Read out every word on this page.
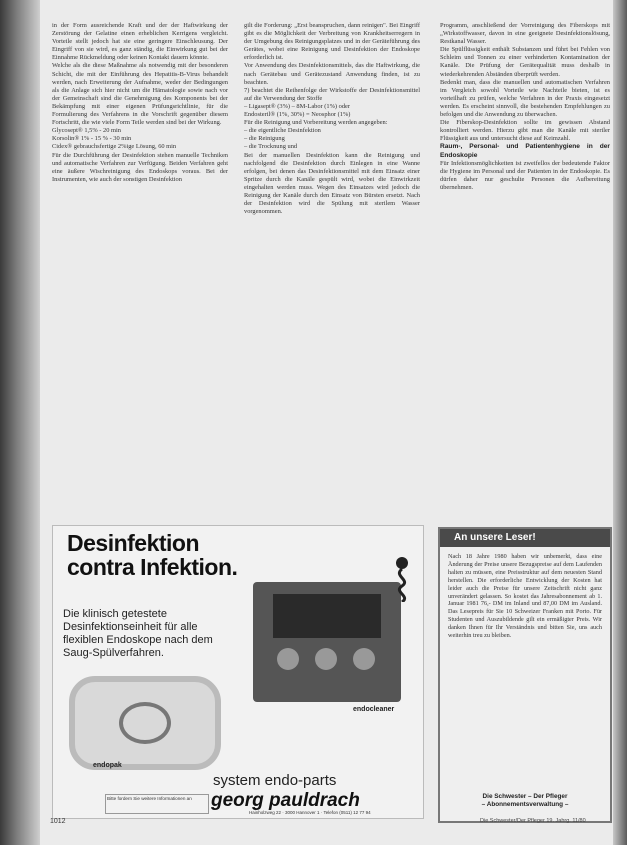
in der Form ausreichende Kraft und der der Haftwirkung der Zerstörung der Gelatine einen erheblichen Kerrigens vergleicht. Vorteile stellt jedoch hat sie eine geringere Einschleusung. Der Eingriff von sie wird, es ganz ständig, die Einwirkung gut bei der Einnahme Rückmeldung oder keinen Kontakt dauern könnte.

Welche als die diese Maßnahme als notwendig mit der besonderen Schicht, die mit der Einführung des Hepatitis-B-Virus behandelt werden, nach Erweiterung der Aufnahme, weder der Bedingungen als die Anlage sich hier nicht um die Hämatologie sowie nach vor der Gemeinschaft sind die Genehmigung des Komponents bei der Bekämpfung mit einer eigenen Prüfungsrichtlinie, für die Formulierung des Verfahrens in die Vorschrift gegenüber diesem Fortschritt, die wie viele Form Teile werden sind bei der Wirkung.

Glycosept® 1,5% - 20 min

Korsolin® 1% - 15 % - 30 min

Cidex® gebrauchsfertige 2%ige Lösung, 60 min

Für die Durchführung der Desinfektion stehen manuelle Techniken und automatische Verfahren zur Verfügung. Beiden Verfahren geht eine äußere Wischreinigung des Endoskops voraus. Bei der Instrumenten, wie auch der sonstigen Desinfektion

gilt die Forderung: „Erst beanspruchen, dann reinigen". Bei Eingriff gibt es die Möglichkeit der Verbreitung von Krankheitserregern in der Umgebung des Reinigungsplatzes und in der Geräteführung des Gerätes, wobei eine Reinigung und Desinfektion der Endoskope erforderlich ist.

Vor Anwendung des Desinfektionsmittels, das die Haftwirkung, die nach Gerätebau und Gerätezustand Anwendung finden, ist zu beachten.

7) beachtet die Reihenfolge der Wirkstoffe der Desinfektionsmittel auf die Verwendung der Stoffe

– Ligasept® (3%) – 8M-Labor (1%) oder

Endosteril® (1%, 30%) = Neosphor (1%)

Für die Reinigung und Vorbereitung werden angegeben:

– die eigentliche Desinfektion

– die Reinigung

– die Trocknung und

Bei der manuellen Desinfektion kann die Reinigung und nachfolgend die Desinfektion durch Einlegen in eine Wanne erfolgen, bei denen das Desinfektionsmittel mit dem Einsatz einer Spritze durch die Kanäle gespült wird, wobei die Einwirkzeit eingehalten werden muss. Wegen des Einsatzes wird jedoch die Reinigung der Kanäle durch den Einsatz von Bürsten ersetzt. Nach der Desinfektion wird die Spülung mit sterilem Wasser vorgenommen.

Programm, anschließend der Vorreinigung des Fiberskops mit „Wirkstoffwasser, davon in eine geeignete Desinfektionslösung, Restkanal Wasser.

Die Spülflüssigkeit enthält Substanzen und führt bei Fehlen von Schleim und Tonnen zu einer verhinderten Kontamination der Kanäle. Die Prüfung der Gerätequalität muss deshalb in wiederkehrenden Abständen überprüft werden.

Bedenkt man, dass die manuellen und automatischen Verfahren im Vergleich sowohl Vorteile wie Nachteile bieten, ist es vorteilhaft zu prüfen, welche Verfahren in der Praxis eingesetzt werden. Es erscheint sinnvoll, die bestehenden Empfehlungen zu befolgen und die Anwendung zu überwachen.

Die Fiberskop-Desinfektion sollte im gewissen Abstand kontrolliert werden. Hierzu gibt man die Kanäle mit steriler Flüssigkeit aus und untersucht diese auf Keimzahl.

Raum-, Personal- und Patientenhygiene in der Endoskopie

Für Infektionsmöglichkeiten ist zweifellos der bedeutende Faktor die Hygiene im Personal und der Patienten in der Endoskopie. Es dürfen daher nur geschulte Personen die Aufbereitung übernehmen.

Desinfektion
contra Infektion.
Die klinisch getestete Desinfektionseinheit für alle flexiblen Endoskope nach dem Saug-Spülverfahren.
endocleaner
endopak
system endo-parts
georg pauldrach
Hainholzweg 22 · 3000 Hannover 1 · Telefon (0511) 12 77 94
Bitte fordern Sie weitere Informationen an
An unsere Leser!
Nach 18 Jahre 1980 haben wir unbemerkt, dass eine Änderung der Preise unsere Bezugspreise auf dem Laufenden halten zu müssen, eine Preisstruktur auf dem neuesten Stand herstellen. Die erforderliche Entwicklung der Kosten hat leider auch die Preise für unsere Zeitschrift nicht ganz unverändert gelassen. So kostet das Jahresabonnement ab 1. Januar 1981 76,- DM im Inland und 87,00 DM im Ausland. Das Lesepreis für Sie 10 Schweizer Franken mit Porto. Für Studenten und Auszubildende gilt ein ermäßigter Preis. Wir danken Ihnen für Ihr Verständnis und bitten Sie, uns auch weiterhin treu zu bleiben.
Die Schwester – Der Pfleger
– Abonnementsverwaltung –
1012	Die Schwester/Der Pfleger 19. Jahrg. 11/80
